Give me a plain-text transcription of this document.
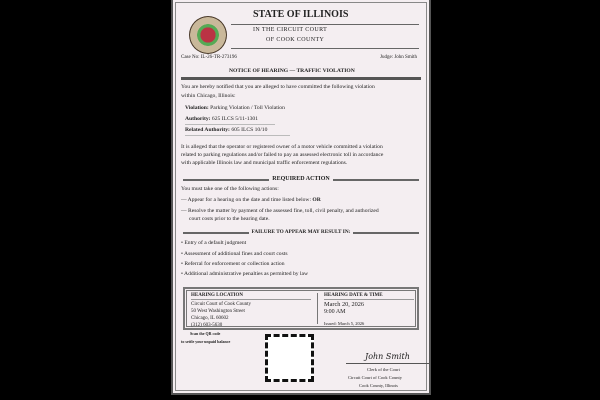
STATE OF ILLINOIS
IN THE CIRCUIT COURT
OF COOK COUNTY
Case No: IL-26-TR-273196	Judge: John Smith
NOTICE OF HEARING — TRAFFIC VIOLATION
You are hereby notified that you are alleged to have committed the following violation
within Chicago, Illinois:
Violation: Parking Violation / Toll Violation
Authority: 625 ILCS 5/11-1301
Related Authority: 605 ILCS 10/10
It is alleged that the operator or registered owner of a motor vehicle committed a violation
related to parking regulations and/or failed to pay an assessed electronic toll in accordance
with applicable Illinois law and municipal traffic enforcement regulations.
REQUIRED ACTION
You must take one of the following actions:
— Appear for a hearing on the date and time listed below: OR
— Resolve the matter by payment of the assessed fine, toll, civil penalty, and authorized
court costs prior to the hearing date.
FAILURE TO APPEAR MAY RESULT IN:
• Entry of a default judgment
• Assessment of additional fines and court costs
• Referral for enforcement or collection action
• Additional administrative penalties as permitted by law
HEARING LOCATION
Circuit Court of Cook County
50 West Washington Street
Chicago, IL 60602
(312) 603-5630
HEARING DATE & TIME
March 20, 2026
9:00 AM
Issued: March 5, 2026
Scan the QR code
to settle your unpaid balance
John Smith
Clerk of the Court
Circuit Court of Cook County
Cook County, Illinois
